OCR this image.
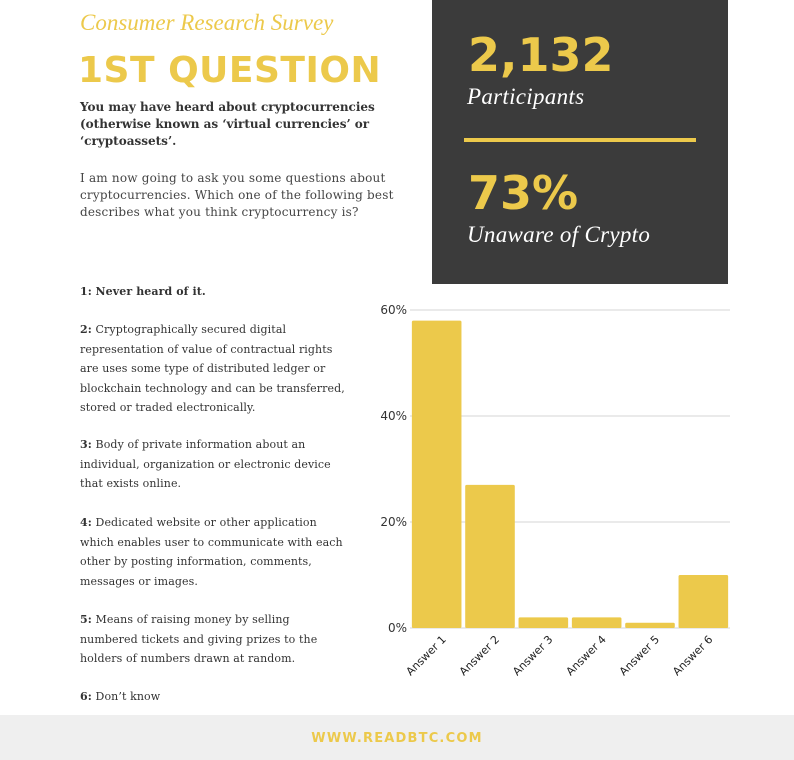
Consumer Research Survey
1ST QUESTION
You may have heard about cryptocurrencies (otherwise known as ‘virtual currencies’ or ‘cryptoassets’.
I am now going to ask you some questions about cryptocurrencies. Which one of the following best describes what you think cryptocurrency is?
2,132
Participants
73%
Unaware of Crypto
1: Never heard of it.
2: Cryptographically secured digital representation of value of contractual rights are uses some type of distributed ledger or blockchain technology and can be transferred, stored or traded electronically.
3: Body of private information about an individual, organization or electronic device that exists online.
4: Dedicated website or other application which enables user to communicate with each other by posting information, comments, messages or images.
5: Means of raising money by selling numbered tickets and giving prizes to the holders of numbers drawn at random.
6: Don’t know
0%
20%
40%
60%
Answer 1 Answer 2 Answer 3 Answer 4 Answer 5 Answer 6
WWW.READBTC.COM
